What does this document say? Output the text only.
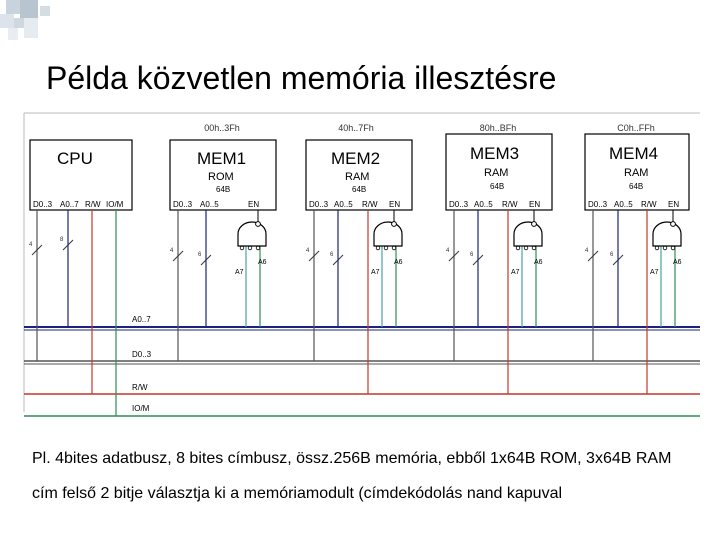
Példa közvetlen memória illesztésre
00h..3Fh	40h..7Fh	80h..BFh	C0h..FFh
CPU
D0..3 A0..7 R/W IO/M
MEM1
ROM
64B
D0..3 A0..5	EN
MEM2
RAM
64B
D0..3 A0..5 R/W EN
MEM3
RAM
64B
D0..3 A0..5 R/W EN
MEM4
RAM
64B
D0..3 A0..5 R/W EN
4
8
4
6
4
6
4
6
4
6
A6
A7
A6
A7
A6
A7
A6
A7
A0..7
D0..3
R/W
IO/M

Pl. 4bites adatbusz, 8 bites címbusz, össz.256B memória, ebből 1x64B ROM, 3x64B RAM

cím felső 2 bitje választja ki a memóriamodult (címdekódolás nand kapuval
